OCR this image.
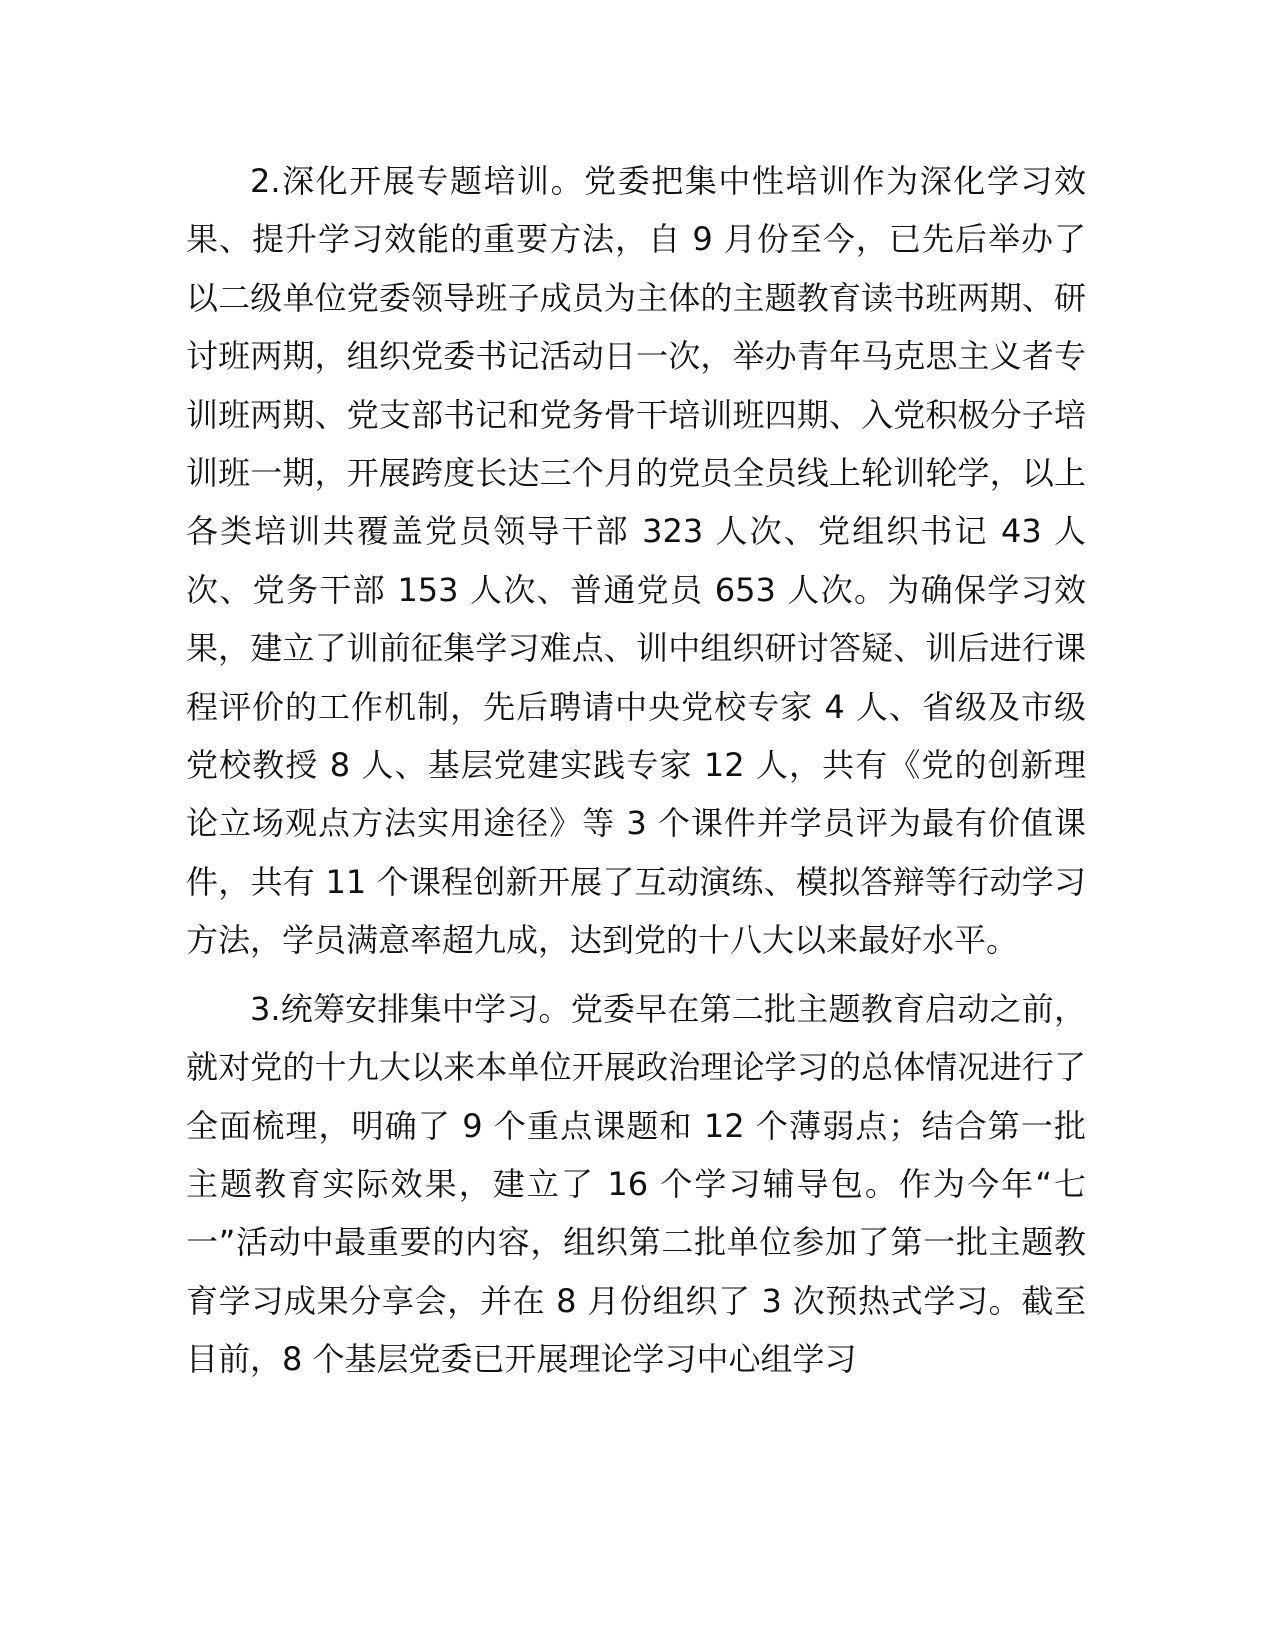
2.深化开展专题培训。党委把集中性培训作为深化学习效果、提升学习效能的重要方法，自 9 月份至今，已先后举办了以二级单位党委领导班子成员为主体的主题教育读书班两期、研讨班两期，组织党委书记活动日一次，举办青年马克思主义者专训班两期、党支部书记和党务骨干培训班四期、入党积极分子培训班一期，开展跨度长达三个月的党员全员线上轮训轮学，以上各类培训共覆盖党员领导干部 323 人次、党组织书记 43 人次、党务干部 153 人次、普通党员 653 人次。为确保学习效果，建立了训前征集学习难点、训中组织研讨答疑、训后进行课程评价的工作机制，先后聘请中央党校专家 4 人、省级及市级党校教授 8 人、基层党建实践专家 12 人，共有《党的创新理论立场观点方法实用途径》等 3 个课件并学员评为最有价值课件，共有 11 个课程创新开展了互动演练、模拟答辩等行动学习方法，学员满意率超九成，达到党的十八大以来最好水平。

3.统筹安排集中学习。党委早在第二批主题教育启动之前，就对党的十九大以来本单位开展政治理论学习的总体情况进行了全面梳理，明确了 9 个重点课题和 12 个薄弱点；结合第一批主题教育实际效果，建立了 16 个学习辅导包。作为今年“七一”活动中最重要的内容，组织第二批单位参加了第一批主题教育学习成果分享会，并在 8 月份组织了 3 次预热式学习。截至目前，8 个基层党委已开展理论学习中心组学习
